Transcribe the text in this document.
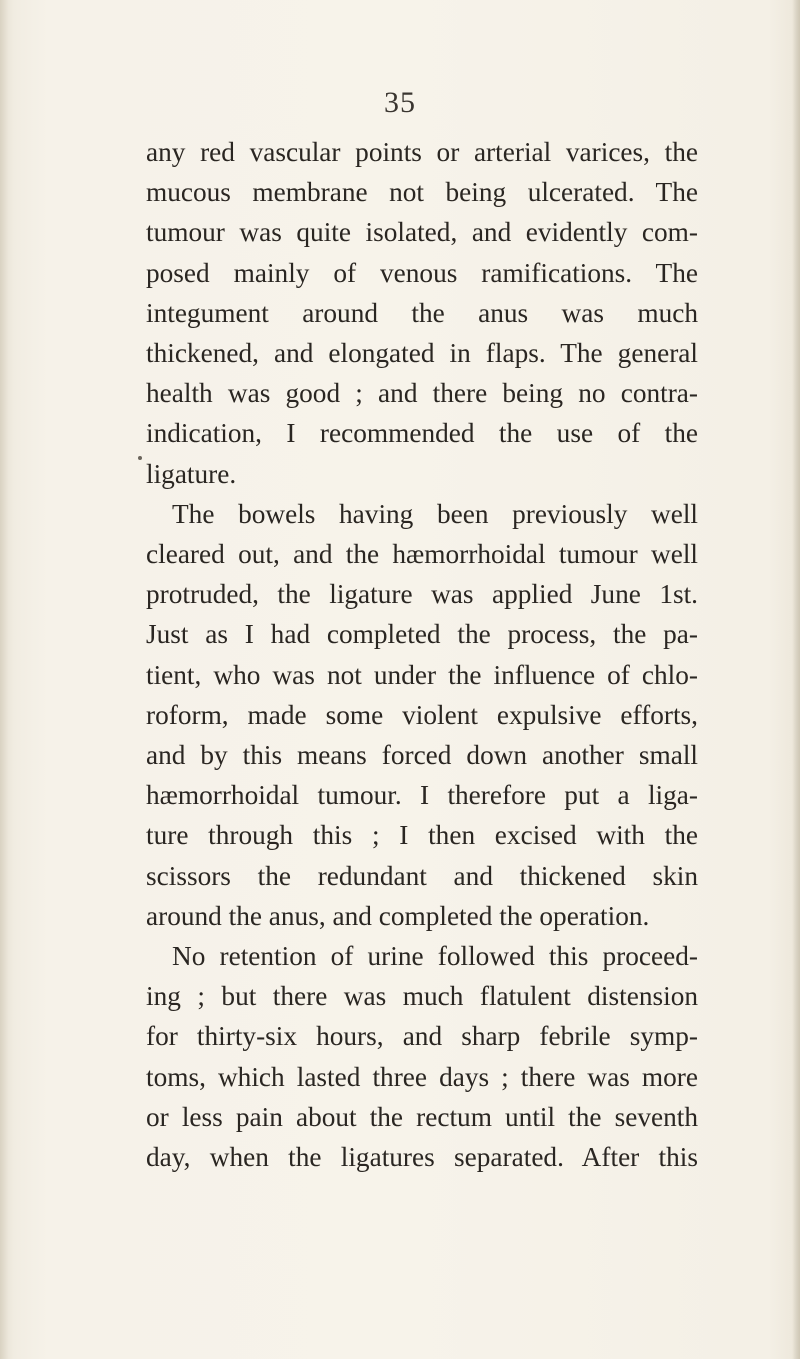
35
any red vascular points or arterial varices, the
mucous membrane not being ulcerated. The
tumour was quite isolated, and evidently com-
posed mainly of venous ramifications. The
integument around the anus was much
thickened, and elongated in flaps. The general
health was good ; and there being no contra-
indication, I recommended the use of the
ligature.
The bowels having been previously well
cleared out, and the hæmorrhoidal tumour well
protruded, the ligature was applied June 1st.
Just as I had completed the process, the pa-
tient, who was not under the influence of chlo-
roform, made some violent expulsive efforts,
and by this means forced down another small
hæmorrhoidal tumour. I therefore put a liga-
ture through this ; I then excised with the
scissors the redundant and thickened skin
around the anus, and completed the operation.
No retention of urine followed this proceed-
ing ; but there was much flatulent distension
for thirty-six hours, and sharp febrile symp-
toms, which lasted three days ; there was more
or less pain about the rectum until the seventh
day, when the ligatures separated. After this
